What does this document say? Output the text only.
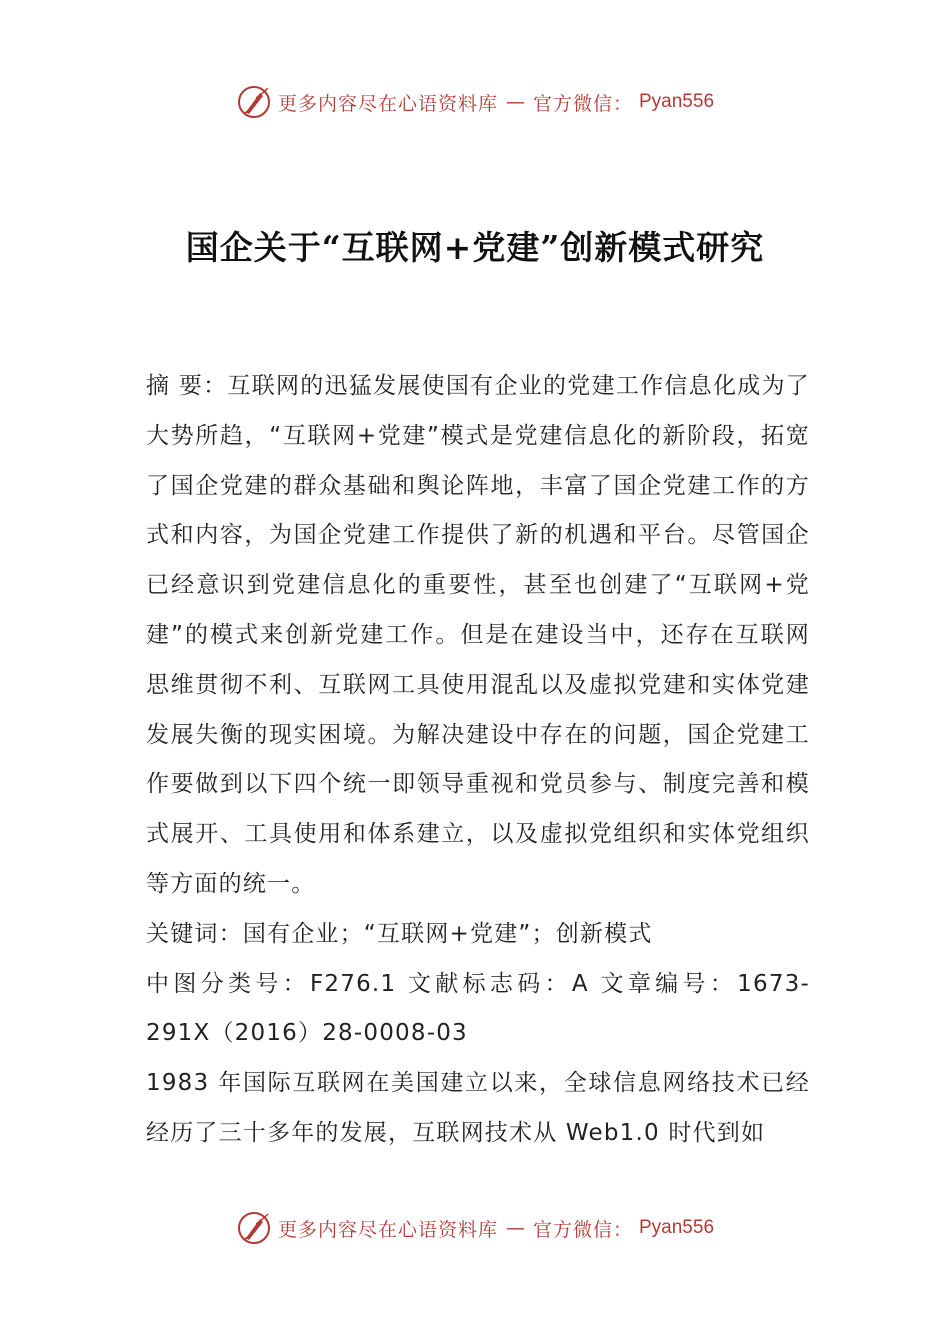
更多内容尽在心语资料库 — 官方微信： Pyan556
国企关于“互联网+党建”创新模式研究

摘 要：互联网的迅猛发展使国有企业的党建工作信息化成为了大势所趋，“互联网+党建”模式是党建信息化的新阶段，拓宽了国企党建的群众基础和舆论阵地，丰富了国企党建工作的方式和内容，为国企党建工作提供了新的机遇和平台。尽管国企已经意识到党建信息化的重要性，甚至也创建了“互联网+党建”的模式来创新党建工作。但是在建设当中，还存在互联网思维贯彻不利、互联网工具使用混乱以及虚拟党建和实体党建发展失衡的现实困境。为解决建设中存在的问题，国企党建工作要做到以下四个统一即领导重视和党员参与、制度完善和模式展开、工具使用和体系建立，以及虚拟党组织和实体党组织等方面的统一。

关键词：国有企业；“互联网+党建”；创新模式

中图分类号：F276.1 文献标志码：A 文章编号：1673-291X（2016）28-0008-03

1983 年国际互联网在美国建立以来，全球信息网络技术已经经历了三十多年的发展，互联网技术从 Web1.0 时代到如

更多内容尽在心语资料库 — 官方微信： Pyan556
